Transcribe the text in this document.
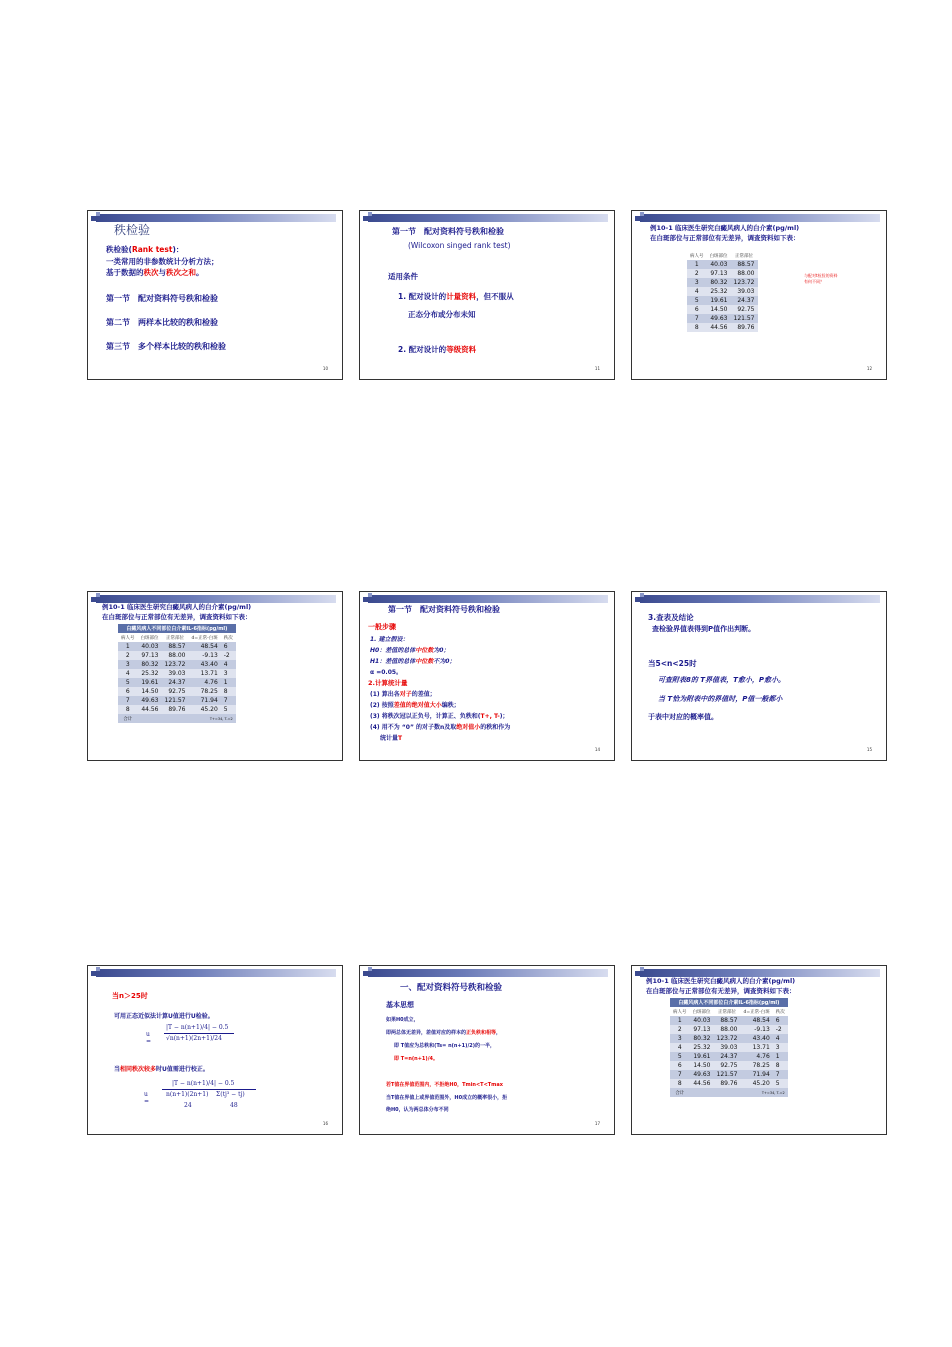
秩检验
秩检验(Rank test)：
一类常用的非参数统计分析方法；
基于数据的秩次与秩次之和。
第一节　配对资料符号秩和检验
第二节　两样本比较的秩和检验
第三节　多个样本比较的秩和检验
10
第一节　配对资料符号秩和检验
(Wilcoxon singed rank test)
适用条件
1. 配对设计的计量资料，但不服从
正态分布或分布未知
2. 配对设计的等级资料
11
例10-1 临床医生研究白癜风病人的白介素(pg/ml)
在白斑部位与正常部位有无差异，调查资料如下表：
病人号	白斑部位	正常部位
1	40.03	88.57
2	97.13	88.00
3	80.32	123.72
4	25.32	39.03
5	19.61	24.37
6	14.50	92.75
7	49.63	121.57
8	44.56	89.76
与配对t检验的资料
有何不同？
12
例10-1 临床医生研究白癜风病人的白介素(pg/ml)
在白斑部位与正常部位有无差异，调查资料如下表：
白癜风病人不同部位白介素IL-6指标(pg/ml)				
病人号	白斑部位	正常部位	d=正常-白斑	秩次
1	40.03	88.57	48.54	6
2	97.13	88.00	-9.13	-2
3	80.32	123.72	43.40	4
4	25.32	39.03	13.71	3
5	19.61	24.37	4.76	1
6	14.50	92.75	78.25	8
7	49.63	121.57	71.94	7
8	44.56	89.76	45.20	5
合计			T+=34, T-=2	
第一节　配对资料符号秩和检验
一般步骤
1. 建立假设：
H0：差值的总体中位数为0；
H1：差值的总体中位数不为0；
α =0.05。
2.计算统计量
(1) 算出各对子的差值；
(2) 按照差值的绝对值大小编秩；
(3) 将秩次冠以正负号，计算正、负秩和(T+, T-)；
(4) 用不为 “0” 的对子数n及取绝对值小的秩和作为
统计量T
14
3.查表及结论
查检验界值表得到P值作出判断。
当5<n<25时
可查附表8的 T界值表，T愈小，P愈小。
当 T恰为附表中的界值时，P值一般都小
于表中对应的概率值。
15
当n＞25时
可用正态近似法计算U值进行U检验。
u =
|T − n(n+1)/4| − 0.5
√n(n+1)(2n+1)/24
当相同秩次较多时U值需进行校正。
u =
|T − n(n+1)/4| − 0.5
n(n+1)(2n+1) Σ(tj³ − tj)
24	48
16
一、配对资料符号秩和检验
基本思想
如果H0成立，
即两总体无差异，差值对应的样本的正负秩和相等，
即 T值应为总秩和(Ts= n(n+1)/2)的一半，
即 T=n(n+1)/4。
若T值在界值范围内，不拒绝H0，Tmin<T<Tmax
当T值在界值上或界值范围外，H0成立的概率很小，拒
绝H0，认为两总体分布不同
17
例10-1 临床医生研究白癜风病人的白介素(pg/ml)
在白斑部位与正常部位有无差异，调查资料如下表：
白癜风病人不同部位白介素IL-6指标(pg/ml)				
病人号	白斑部位	正常部位	d=正常-白斑	秩次
1	40.03	88.57	48.54	6
2	97.13	88.00	-9.13	-2
3	80.32	123.72	43.40	4
4	25.32	39.03	13.71	3
5	19.61	24.37	4.76	1
6	14.50	92.75	78.25	8
7	49.63	121.57	71.94	7
8	44.56	89.76	45.20	5
合计			T+=34, T-=2	
